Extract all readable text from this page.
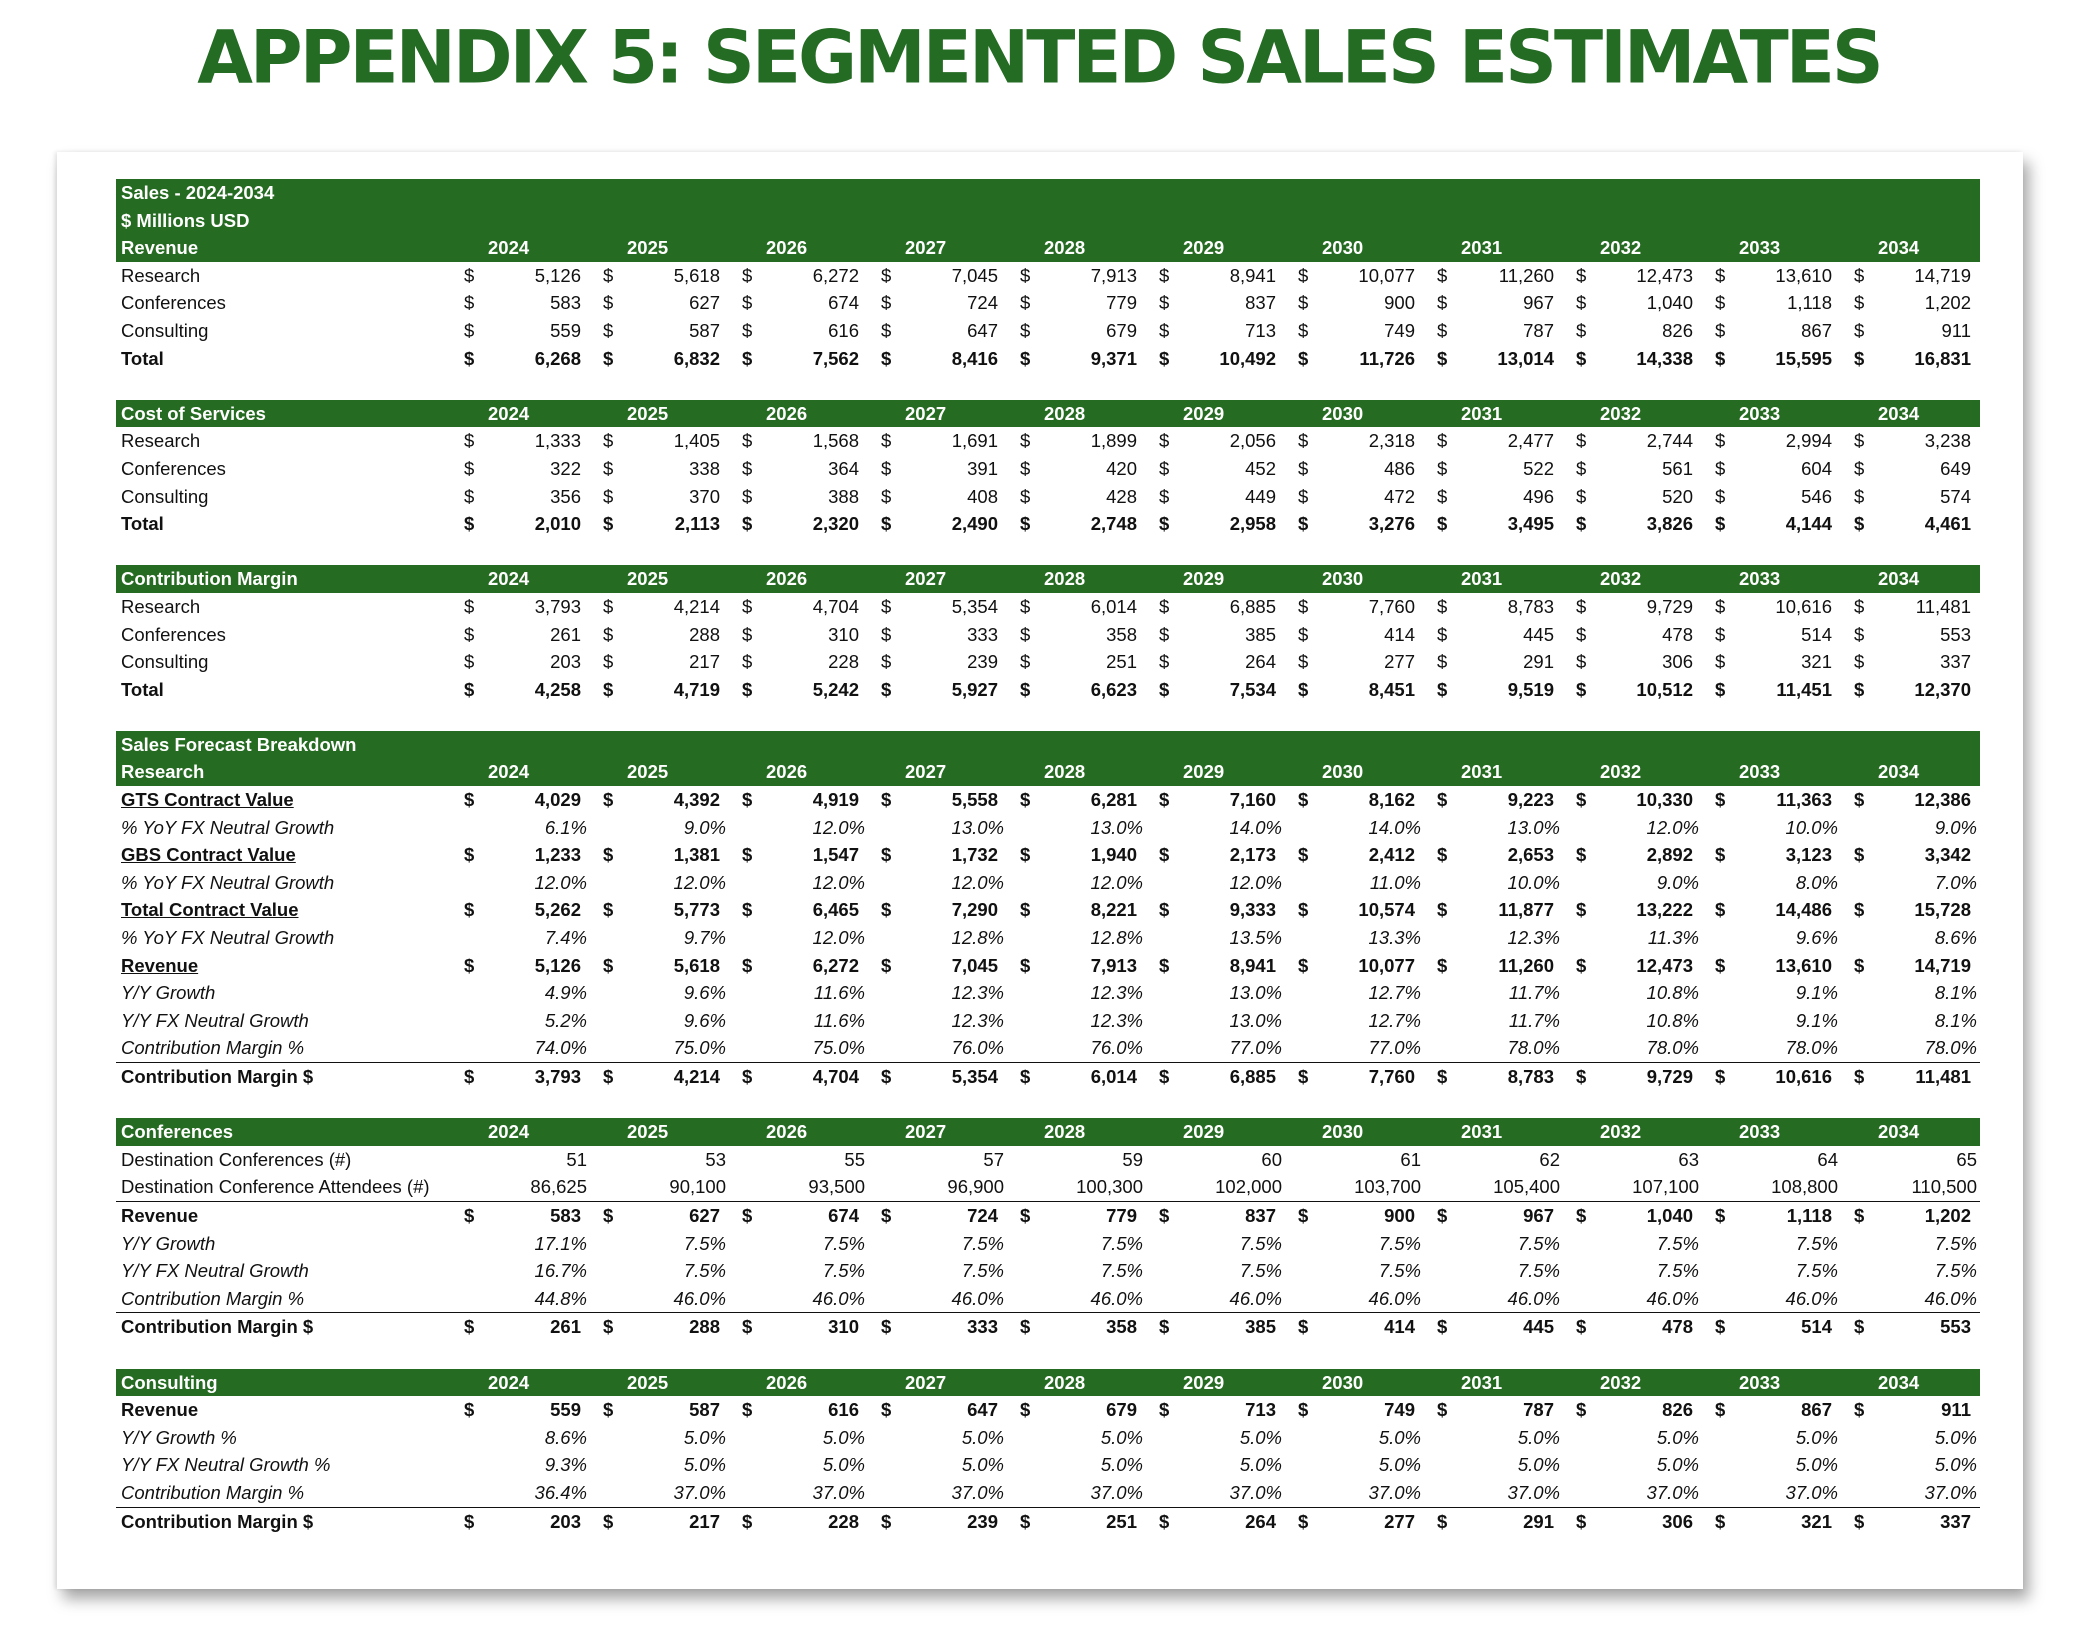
APPENDIX 5: SEGMENTED SALES ESTIMATES
Sales - 2024-2034
$ Millions USD
Revenue	2024	2025	2026	2027	2028	2029	2030	2031	2032	2033	2034
Research	$	5,126 $	5,618 $	6,272 $	7,045 $	7,913 $	8,941 $	10,077 $	11,260 $	12,473 $	13,610 $	14,719
Conferences	$	583 $	627 $	674 $	724 $	779 $	837 $	900 $	967 $	1,040 $	1,118 $	1,202
Consulting	$	559 $	587 $	616 $	647 $	679 $	713 $	749 $	787 $	826 $	867 $	911
Total	$	6,268 $	6,832 $	7,562 $	8,416 $	9,371 $	10,492 $	11,726 $	13,014 $	14,338 $	15,595 $	16,831
Cost of Services	2024	2025	2026	2027	2028	2029	2030	2031	2032	2033	2034
Research	$	1,333 $	1,405 $	1,568 $	1,691 $	1,899 $	2,056 $	2,318 $	2,477 $	2,744 $	2,994 $	3,238
Conferences	$	322 $	338 $	364 $	391 $	420 $	452 $	486 $	522 $	561 $	604 $	649
Consulting	$	356 $	370 $	388 $	408 $	428 $	449 $	472 $	496 $	520 $	546 $	574
Total	$	2,010 $	2,113 $	2,320 $	2,490 $	2,748 $	2,958 $	3,276 $	3,495 $	3,826 $	4,144 $	4,461
Contribution Margin	2024	2025	2026	2027	2028	2029	2030	2031	2032	2033	2034
Research	$	3,793 $	4,214 $	4,704 $	5,354 $	6,014 $	6,885 $	7,760 $	8,783 $	9,729 $	10,616 $	11,481
Conferences	$	261 $	288 $	310 $	333 $	358 $	385 $	414 $	445 $	478 $	514 $	553
Consulting	$	203 $	217 $	228 $	239 $	251 $	264 $	277 $	291 $	306 $	321 $	337
Total	$	4,258 $	4,719 $	5,242 $	5,927 $	6,623 $	7,534 $	8,451 $	9,519 $	10,512 $	11,451 $	12,370
Sales Forecast Breakdown
Research	2024	2025	2026	2027	2028	2029	2030	2031	2032	2033	2034
GTS Contract Value	$	4,029 $	4,392 $	4,919 $	5,558 $	6,281 $	7,160 $	8,162 $	9,223 $	10,330 $	11,363 $	12,386
% YoY FX Neutral Growth	6.1%	9.0%	12.0%	13.0%	13.0%	14.0%	14.0%	13.0%	12.0%	10.0%	9.0%
GBS Contract Value	$	1,233 $	1,381 $	1,547 $	1,732 $	1,940 $	2,173 $	2,412 $	2,653 $	2,892 $	3,123 $	3,342
% YoY FX Neutral Growth	12.0%	12.0%	12.0%	12.0%	12.0%	12.0%	11.0%	10.0%	9.0%	8.0%	7.0%
Total Contract Value	$	5,262 $	5,773 $	6,465 $	7,290 $	8,221 $	9,333 $	10,574 $	11,877 $	13,222 $	14,486 $	15,728
% YoY FX Neutral Growth	7.4%	9.7%	12.0%	12.8%	12.8%	13.5%	13.3%	12.3%	11.3%	9.6%	8.6%
Revenue	$	5,126 $	5,618 $	6,272 $	7,045 $	7,913 $	8,941 $	10,077 $	11,260 $	12,473 $	13,610 $	14,719
Y/Y Growth	4.9%	9.6%	11.6%	12.3%	12.3%	13.0%	12.7%	11.7%	10.8%	9.1%	8.1%
Y/Y FX Neutral Growth	5.2%	9.6%	11.6%	12.3%	12.3%	13.0%	12.7%	11.7%	10.8%	9.1%	8.1%
Contribution Margin %	74.0%	75.0%	75.0%	76.0%	76.0%	77.0%	77.0%	78.0%	78.0%	78.0%	78.0%
Contribution Margin $	$	3,793 $	4,214 $	4,704 $	5,354 $	6,014 $	6,885 $	7,760 $	8,783 $	9,729 $	10,616 $	11,481
Conferences	2024	2025	2026	2027	2028	2029	2030	2031	2032	2033	2034
Destination Conferences (#)	51	53	55	57	59	60	61	62	63	64	65
Destination Conference Attendees (#)	86,625	90,100	93,500	96,900	100,300	102,000	103,700	105,400	107,100	108,800	110,500
Revenue	$	583 $	627 $	674 $	724 $	779 $	837 $	900 $	967 $	1,040 $	1,118 $	1,202
Y/Y Growth	17.1%	7.5%	7.5%	7.5%	7.5%	7.5%	7.5%	7.5%	7.5%	7.5%	7.5%
Y/Y FX Neutral Growth	16.7%	7.5%	7.5%	7.5%	7.5%	7.5%	7.5%	7.5%	7.5%	7.5%	7.5%
Contribution Margin %	44.8%	46.0%	46.0%	46.0%	46.0%	46.0%	46.0%	46.0%	46.0%	46.0%	46.0%
Contribution Margin $	$	261 $	288 $	310 $	333 $	358 $	385 $	414 $	445 $	478 $	514 $	553
Consulting	2024	2025	2026	2027	2028	2029	2030	2031	2032	2033	2034
Revenue	$	559 $	587 $	616 $	647 $	679 $	713 $	749 $	787 $	826 $	867 $	911
Y/Y Growth %	8.6%	5.0%	5.0%	5.0%	5.0%	5.0%	5.0%	5.0%	5.0%	5.0%	5.0%
Y/Y FX Neutral Growth %	9.3%	5.0%	5.0%	5.0%	5.0%	5.0%	5.0%	5.0%	5.0%	5.0%	5.0%
Contribution Margin %	36.4%	37.0%	37.0%	37.0%	37.0%	37.0%	37.0%	37.0%	37.0%	37.0%	37.0%
Contribution Margin $	$	203 $	217 $	228 $	239 $	251 $	264 $	277 $	291 $	306 $	321 $	337
